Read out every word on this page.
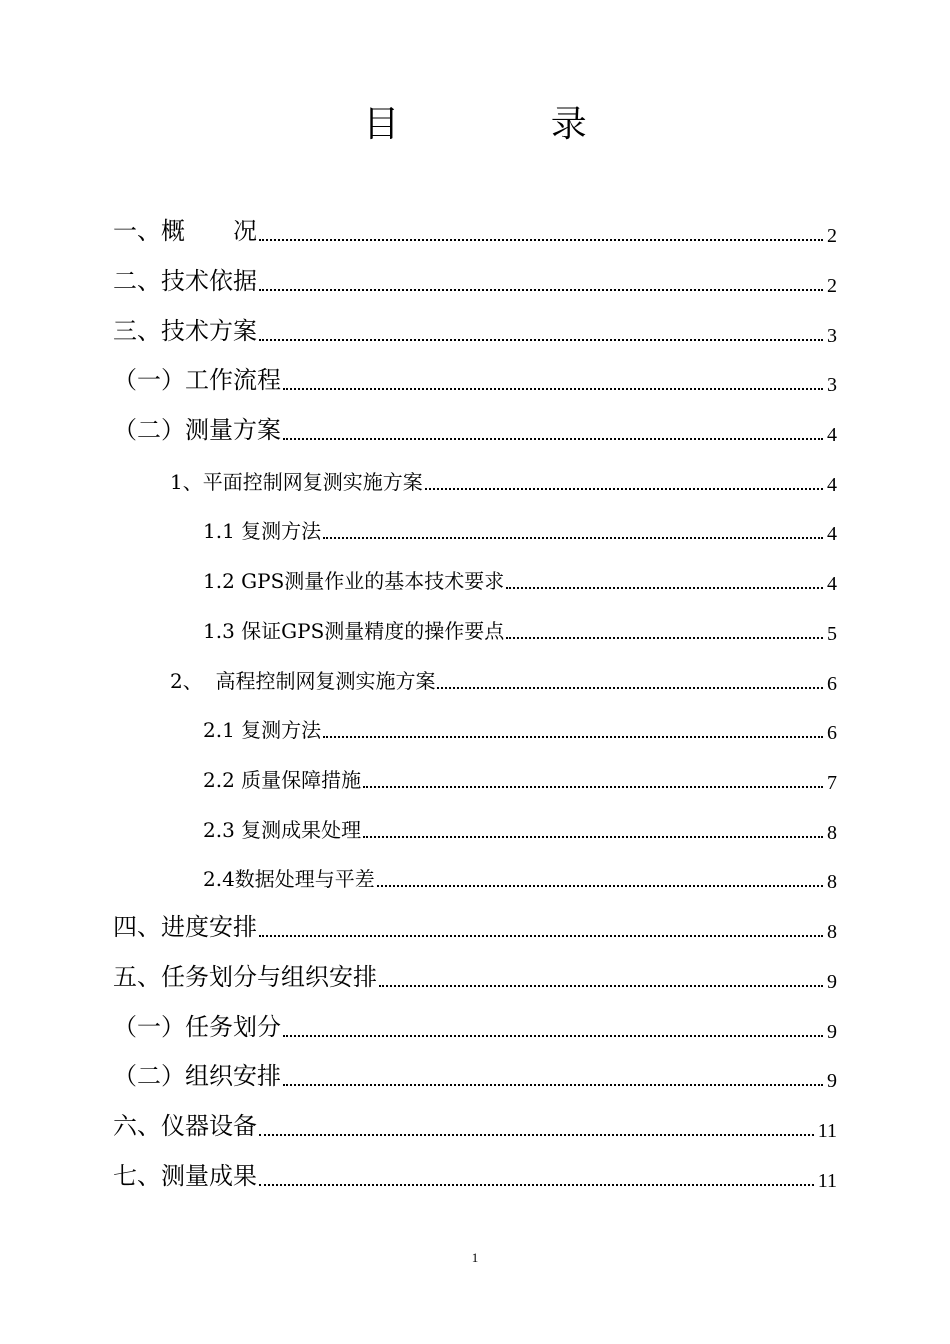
目 录
一、概　　况	2
二、技术依据	2
三、技术方案	3
（一）工作流程	3
（二）测量方案	4
1、平面控制网复测实施方案	4
1.1 复测方法	4
1.2 GPS测量作业的基本技术要求	4
1.3 保证GPS测量精度的操作要点	5
2、  高程控制网复测实施方案	6
2.1 复测方法	6
2.2 质量保障措施	7
2.3 复测成果处理	8
2.4数据处理与平差	8
四、进度安排	8
五、任务划分与组织安排	9
（一）任务划分	9
（二）组织安排	9
六、仪器设备	11
七、测量成果	11
1
